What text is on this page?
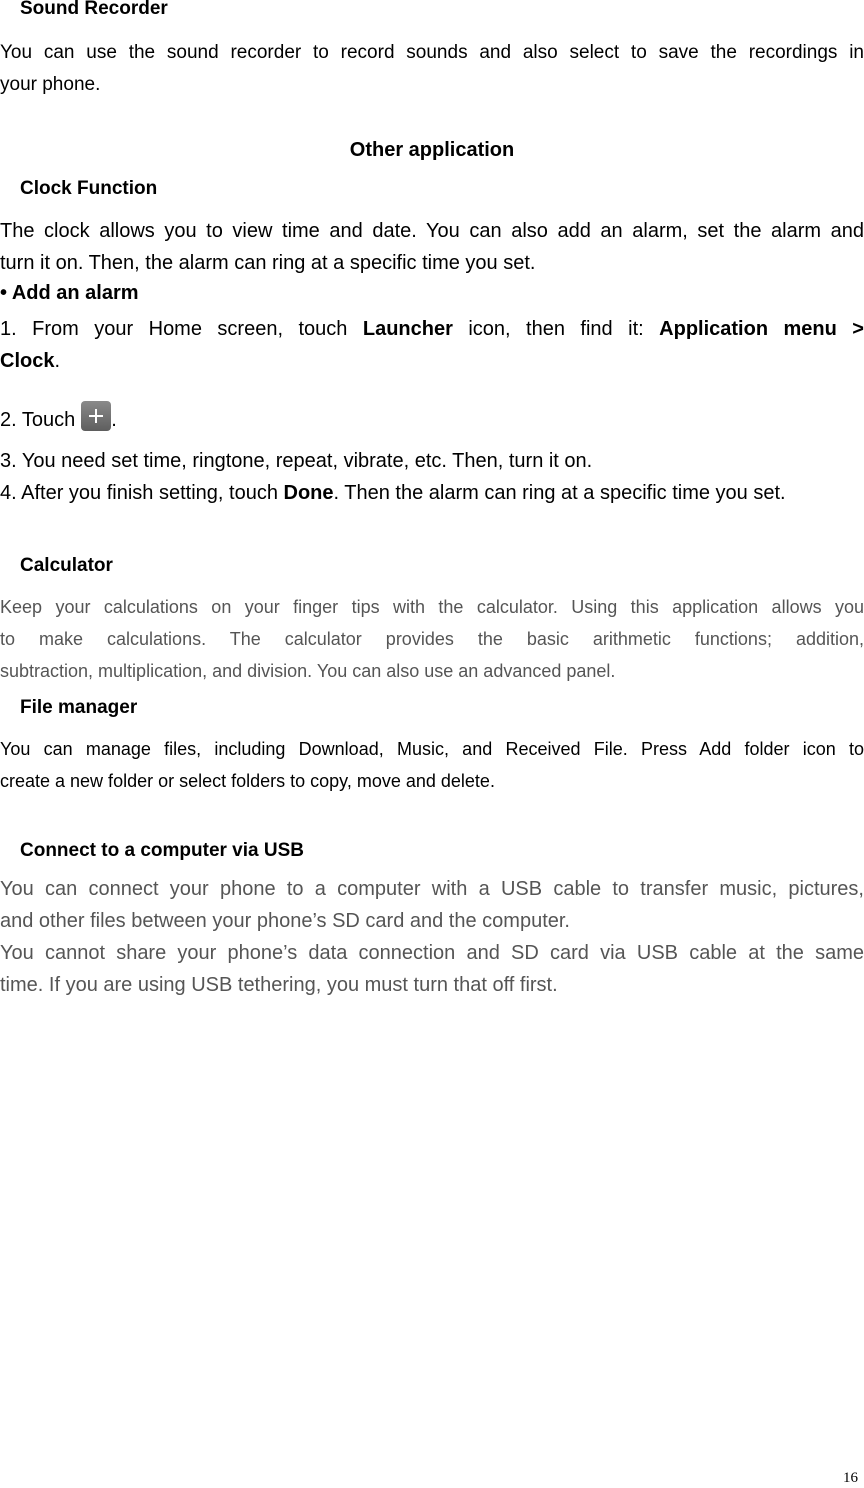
Sound Recorder
You can use the sound recorder to record sounds and also select to save the recordings in
your phone.
Other application
Clock Function
The clock allows you to view time and date. You can also add an alarm, set the alarm and
turn it on. Then, the alarm can ring at a specific time you set.
• Add an alarm
1. From your Home screen, touch Launcher icon, then find it: Application menu >
Clock.
2. Touch .
3. You need set time, ringtone, repeat, vibrate, etc. Then, turn it on.
4. After you finish setting, touch Done. Then the alarm can ring at a specific time you set.
Calculator
Keep your calculations on your finger tips with the calculator. Using this application allows you
to make calculations. The calculator provides the basic arithmetic functions; addition,
subtraction, multiplication, and division. You can also use an advanced panel.
File manager
You can manage files, including Download, Music, and Received File. Press Add folder icon to
create a new folder or select folders to copy, move and delete.
Connect to a computer via USB
You can connect your phone to a computer with a USB cable to transfer music, pictures,
and other files between your phone’s SD card and the computer.
You cannot share your phone’s data connection and SD card via USB cable at the same
time. If you are using USB tethering, you must turn that off first.
16
